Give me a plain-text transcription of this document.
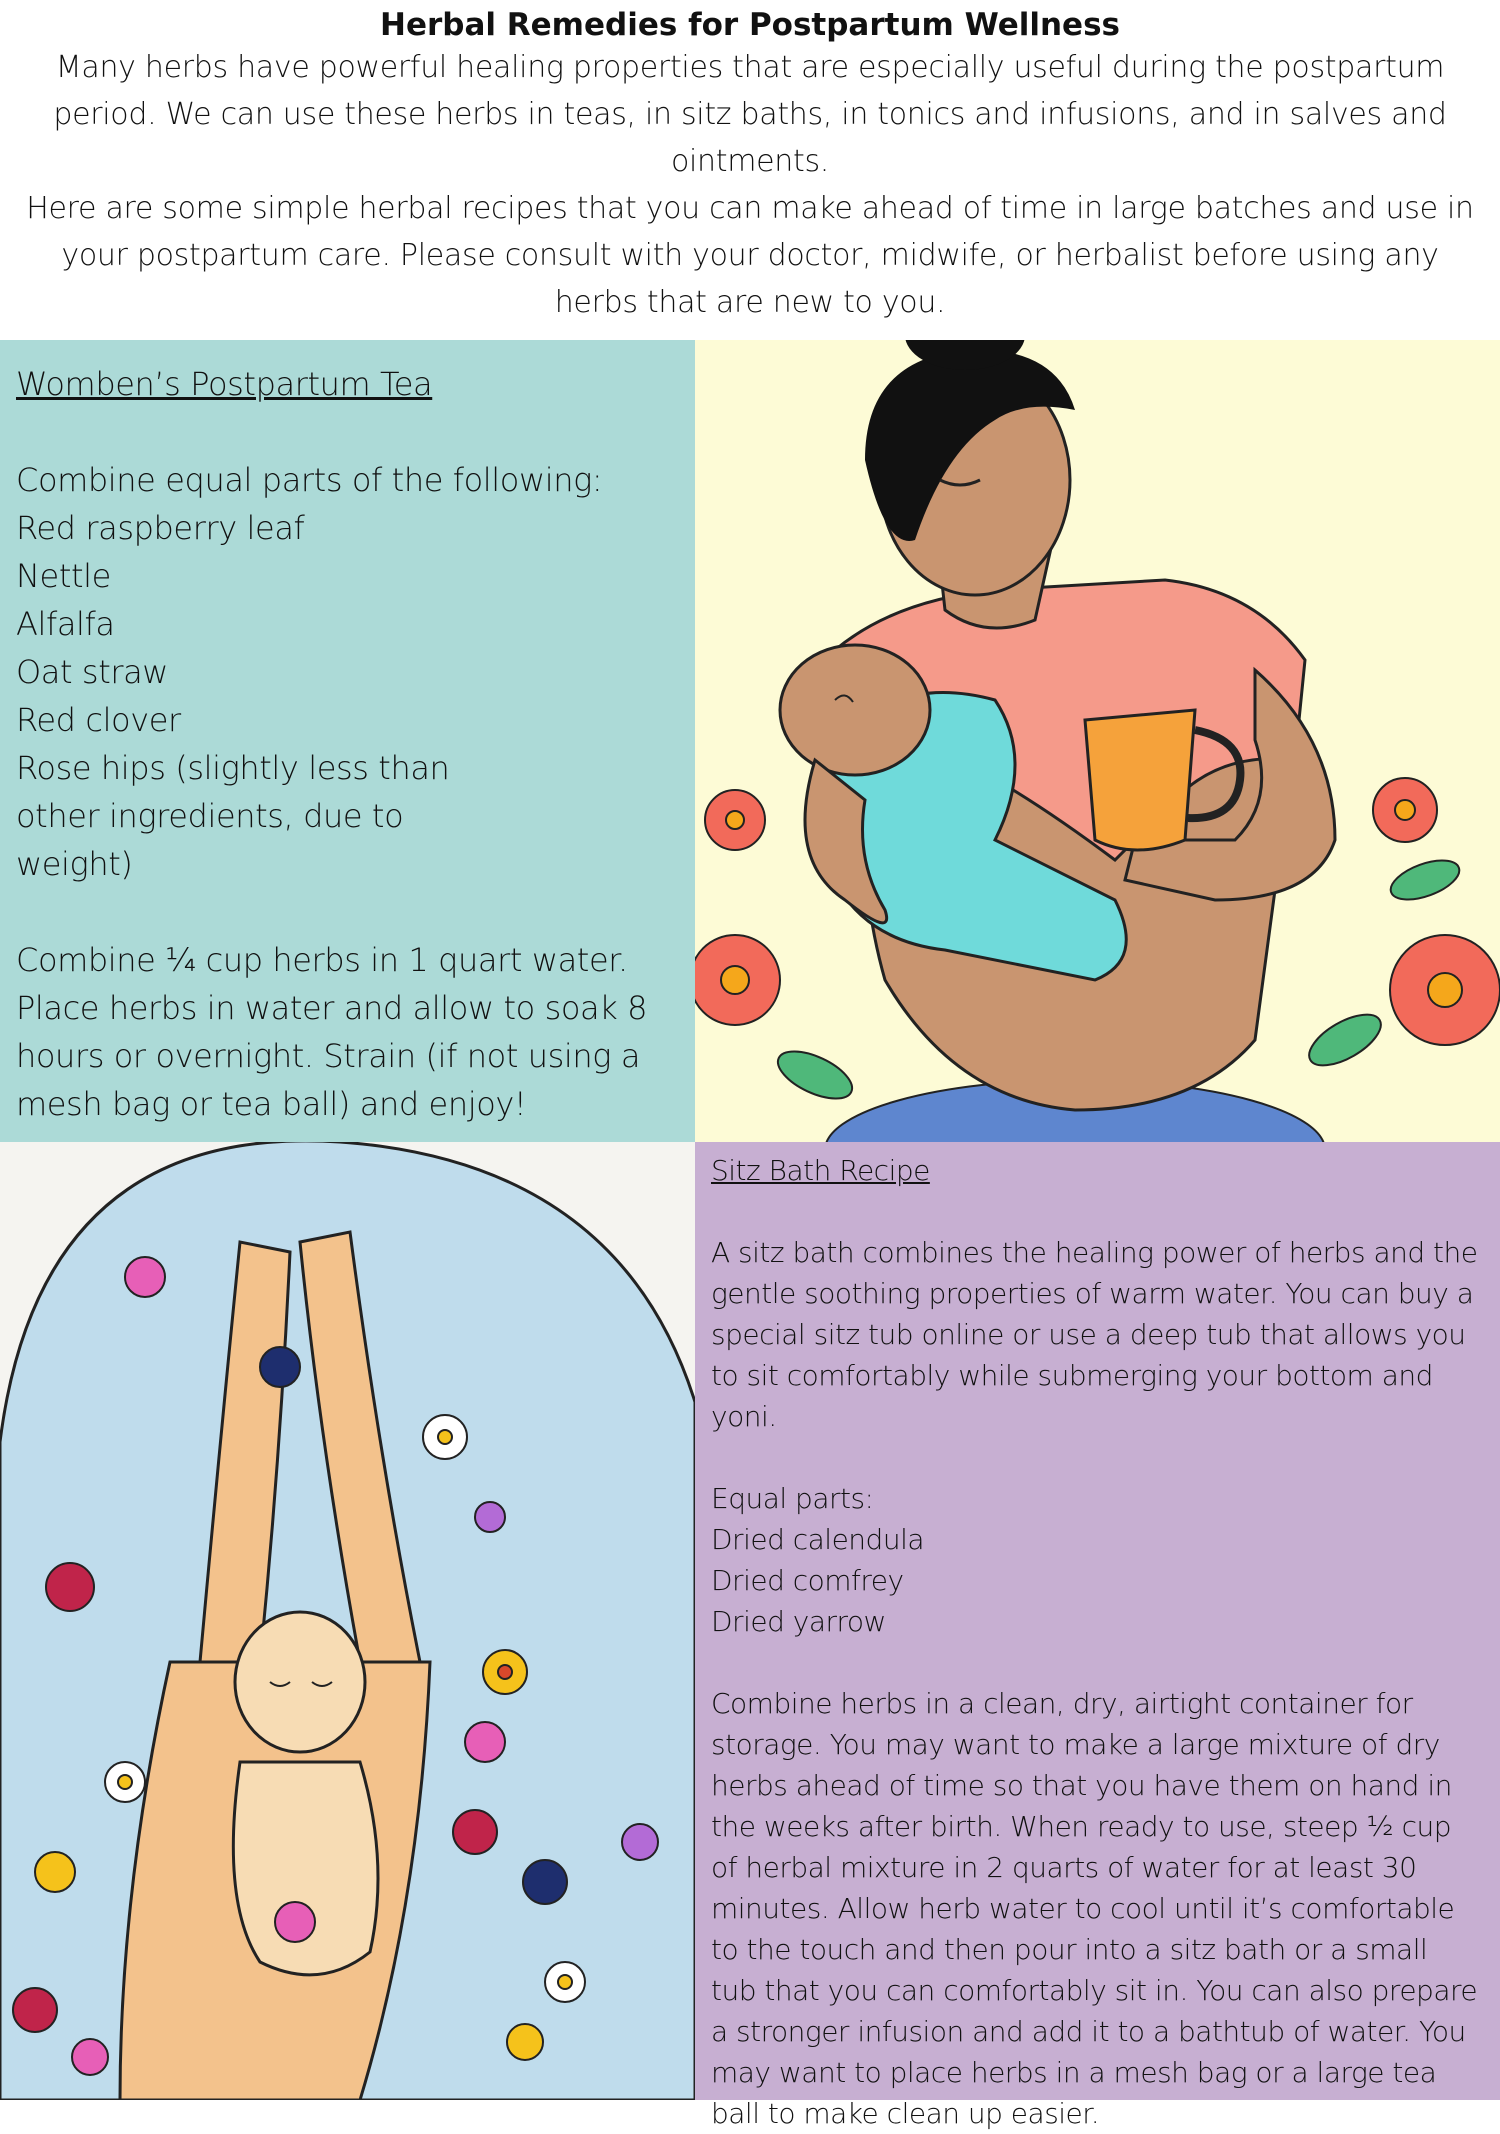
Herbal Remedies for Postpartum Wellness
Many herbs have powerful healing properties that are especially useful during the postpartum period. We can use these herbs in teas, in sitz baths, in tonics and infusions, and in salves and ointments.
Here are some simple herbal recipes that you can make ahead of time in large batches and use in your postpartum care. Please consult with your doctor, midwife, or herbalist before using any herbs that are new to you.
Wombenʼs Postpartum Tea
Combine equal parts of the following:
Red raspberry leaf
Nettle
Alfalfa
Oat straw
Red clover
Rose hips (slightly less than other ingredients, due to weight)
Combine ¼ cup herbs in 1 quart water. Place herbs in water and allow to soak 8 hours or overnight. Strain (if not using a mesh bag or tea ball) and enjoy!
Sitz Bath Recipe
A sitz bath combines the healing power of herbs and the gentle soothing properties of warm water. You can buy a special sitz tub online or use a deep tub that allows you to sit comfortably while submerging your bottom and yoni.
Equal parts:
Dried calendula
Dried comfrey
Dried yarrow
Combine herbs in a clean, dry, airtight container for storage. You may want to make a large mixture of dry herbs ahead of time so that you have them on hand in the weeks after birth. When ready to use, steep ½ cup of herbal mixture in 2 quarts of water for at least 30 minutes. Allow herb water to cool until itʼs comfortable to the touch and then pour into a sitz bath or a small tub that you can comfortably sit in. You can also prepare a stronger infusion and add it to a bathtub of water. You may want to place herbs in a mesh bag or a large tea ball to make clean up easier.
